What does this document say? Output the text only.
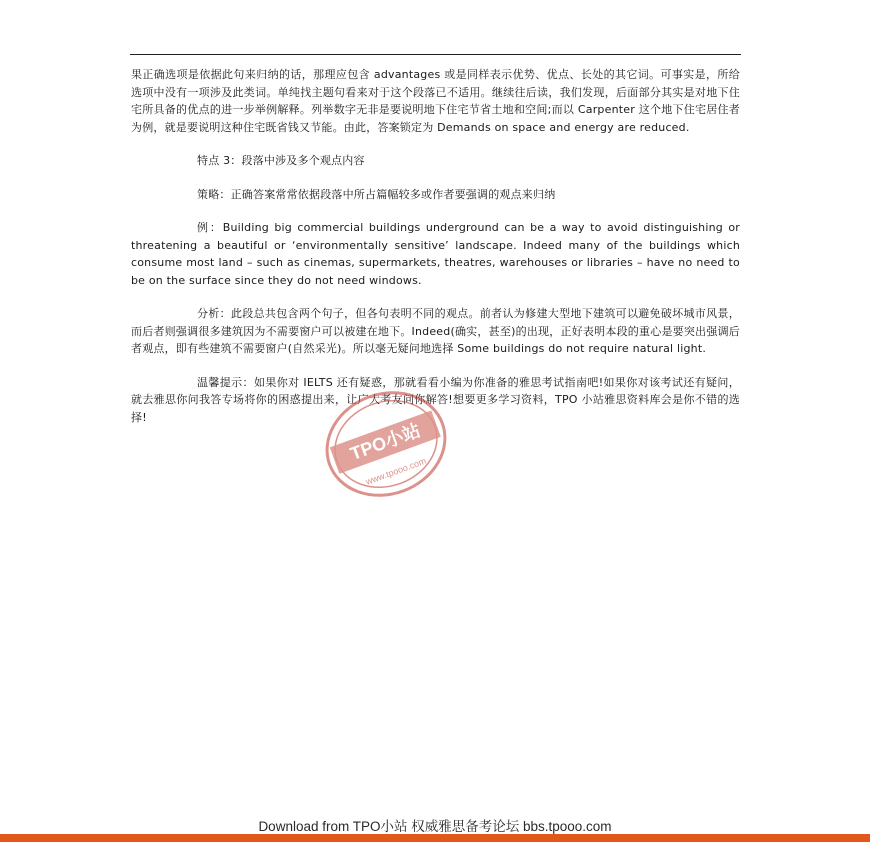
果正确选项是依据此句来归纳的话，那理应包含 advantages 或是同样表示优势、优点、长处的其它词。可事实是，所给选项中没有一项涉及此类词。单纯找主题句看来对于这个段落已不适用。继续往后读，我们发现，后面部分其实是对地下住宅所具备的优点的进一步举例解释。列举数字无非是要说明地下住宅节省土地和空间;而以 Carpenter 这个地下住宅居住者为例，就是要说明这种住宅既省钱又节能。由此，答案锁定为 Demands on space and energy are reduced.

特点 3：段落中涉及多个观点内容

策略：正确答案常常依据段落中所占篇幅较多或作者要强调的观点来归纳

例：Building big commercial buildings underground can be a way to avoid distinguishing or threatening a beautiful or ‘environmentally sensitive’ landscape. Indeed many of the buildings which consume most land – such as cinemas, supermarkets, theatres, warehouses or libraries – have no need to be on the surface since they do not need windows.

分析：此段总共包含两个句子，但各句表明不同的观点。前者认为修建大型地下建筑可以避免破坏城市风景，而后者则强调很多建筑因为不需要窗户可以被建在地下。Indeed(确实，甚至)的出现，正好表明本段的重心是要突出强调后者观点，即有些建筑不需要窗户(自然采光)。所以毫无疑问地选择 Some buildings do not require natural light.

温馨提示：如果你对 IELTS 还有疑惑，那就看看小编为你准备的雅思考试指南吧!如果你对该考试还有疑问，就去雅思你问我答专场将你的困惑提出来，让广大考友问你解答!想要更多学习资料，TPO 小站雅思资料库会是你不错的选择!

TPO小站
www.tpooo.com
Download from TPO小站 权威雅思备考论坛 bbs.tpooo.com
